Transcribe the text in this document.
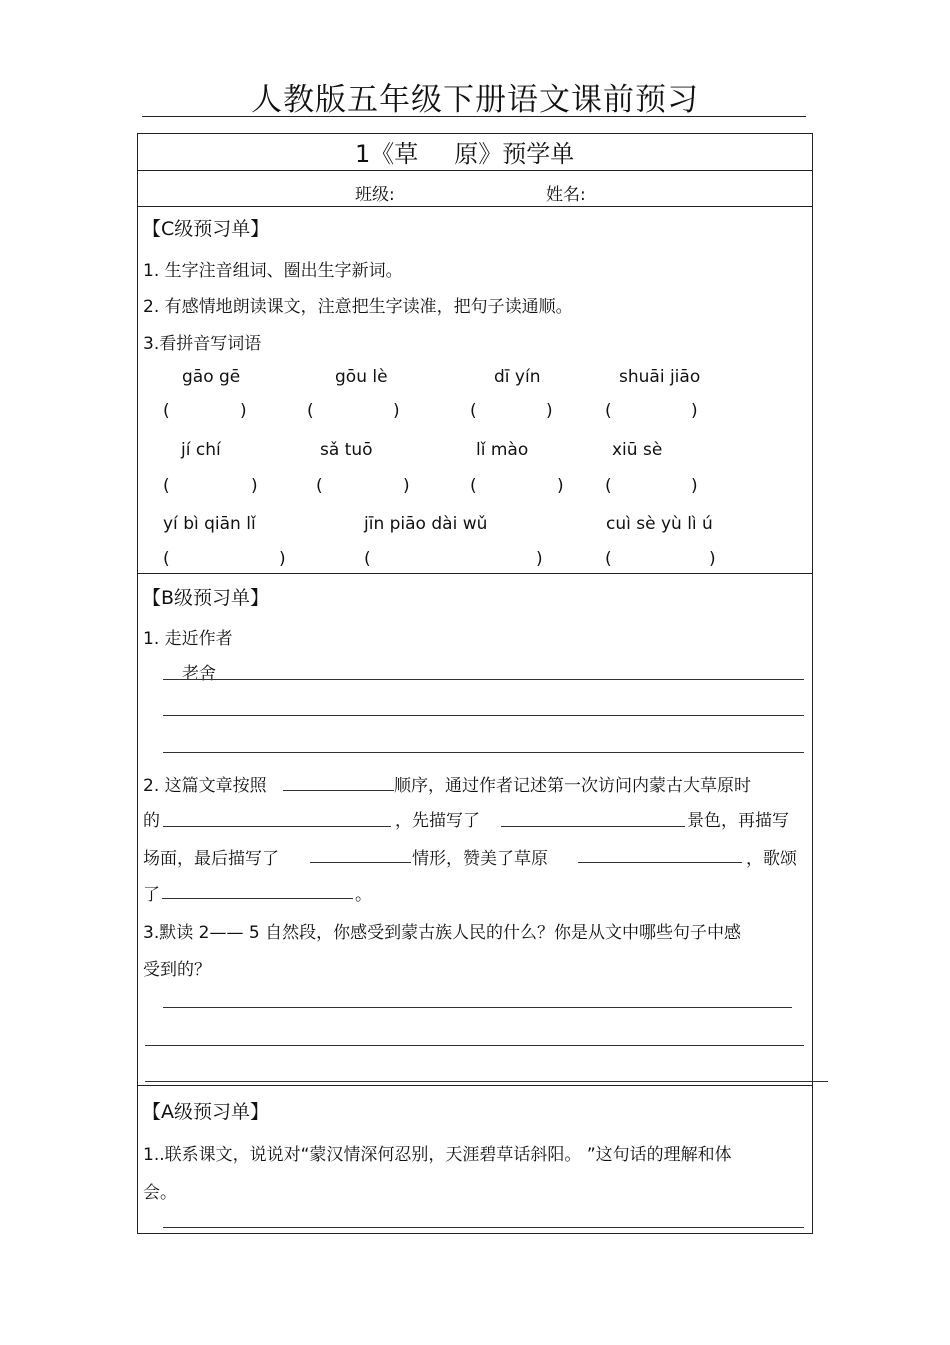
人教版五年级下册语文课前预习
1《草 原》预学单
班级:	姓名:
【C级预习单】
1. 生字注音组词、圈出生字新词。
2. 有感情地朗读课文，注意把生字读准，把句子读通顺。
3.看拼音写词语
gāo gē	gōu lè	dī yín	shuāi jiāo
(	)	(	)	(	)	(	)
jí chí	sǎ tuō	lǐ mào	xiū sè
(	)	(	)	(	) (	)
yí bì qiān lǐ	jīn piāo dài wǔ	cuì sè yù lì ú
(	)	(	)	(	)
【B级预习单】
1. 走近作者
老舍
2. 这篇文章按照	顺序，通过作者记述第一次访问内蒙古大草原时
的	，先描写了	景色，再描写
场面，最后描写了	情形，赞美了草原	，歌颂
了	。
3.默读 2—— 5 自然段，你感受到蒙古族人民的什么？你是从文中哪些句子中感
受到的？
【A级预习单】
1..联系课文，说说对“蒙汉情深何忍别，天涯碧草话斜阳。 ”这句话的理解和体
会。
